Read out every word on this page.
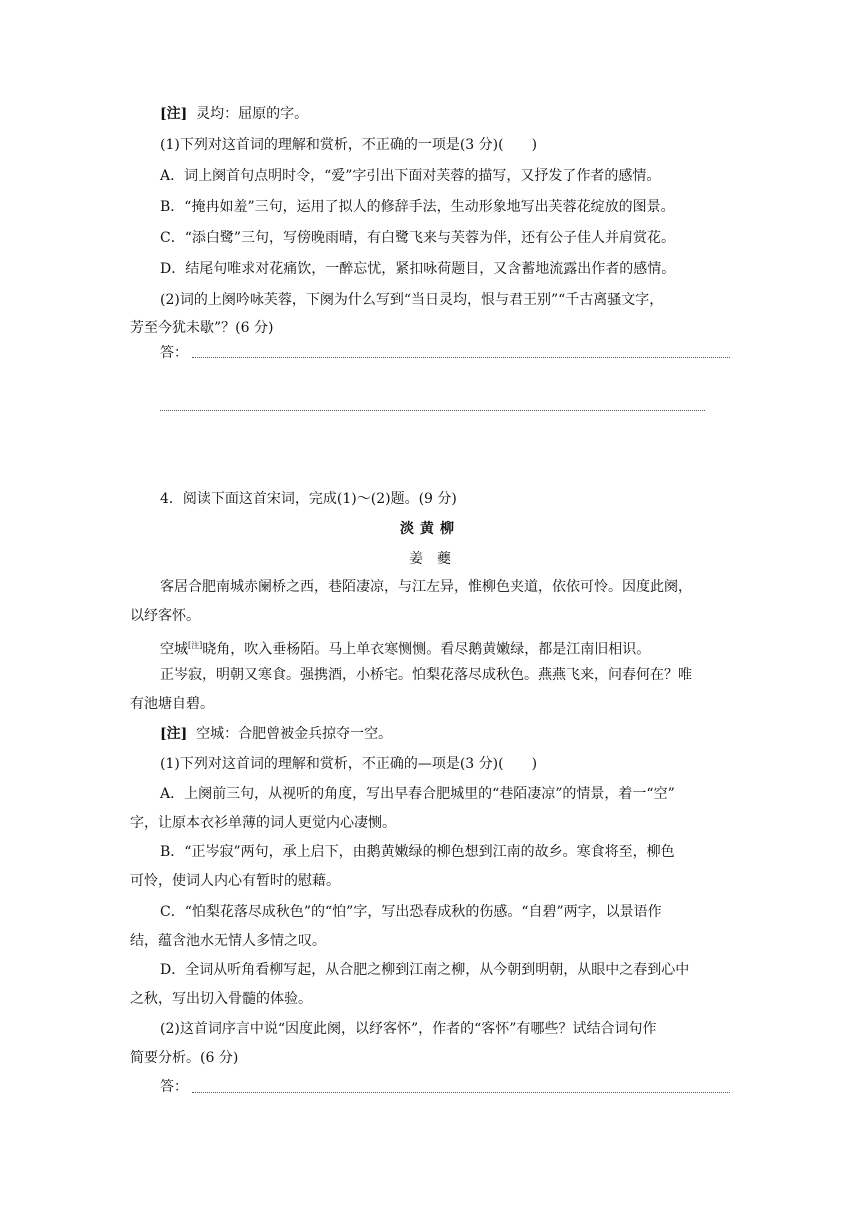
[注] 灵均：屈原的字。
(1)下列对这首词的理解和赏析，不正确的一项是(3 分)(　　)
A．词上阕首句点明时令，“爱”字引出下面对芙蓉的描写，又抒发了作者的感情。
B．“掩冉如羞”三句，运用了拟人的修辞手法，生动形象地写出芙蓉花绽放的图景。
C．“添白鹭”三句，写傍晚雨晴，有白鹭飞来与芙蓉为伴，还有公子佳人并肩赏花。
D．结尾句唯求对花痛饮，一醉忘忧，紧扣咏荷题目，又含蓄地流露出作者的感情。
(2)词的上阕吟咏芙蓉，下阕为什么写到“当日灵均，恨与君王别”“千古离骚文字，
芳至今犹未歇”？(6 分)
答：
4．阅读下面这首宋词，完成(1)～(2)题。(9 分)
淡黄柳
姜　夔
客居合肥南城赤阑桥之西，巷陌凄凉，与江左异，惟柳色夹道，依依可怜。因度此阕，
以纾客怀。
空城[注]晓角，吹入垂杨陌。马上单衣寒恻恻。看尽鹅黄嫩绿，都是江南旧相识。
正岑寂，明朝又寒食。强携酒，小桥宅。怕梨花落尽成秋色。燕燕飞来，问春何在？唯
有池塘自碧。
[注] 空城：合肥曾被金兵掠夺一空。
(1)下列对这首词的理解和赏析，不正确的—项是(3 分)(　　)
A．上阕前三句，从视听的角度，写出早春合肥城里的“巷陌凄凉”的情景，着一“空”
字，让原本衣衫单薄的词人更觉内心凄恻。
B．“正岑寂”两句，承上启下，由鹅黄嫩绿的柳色想到江南的故乡。寒食将至，柳色
可怜，使词人内心有暂时的慰藉。
C．“怕梨花落尽成秋色”的“怕”字，写出恐春成秋的伤感。“自碧”两字，以景语作
结，蕴含池水无情人多情之叹。
D．全词从听角看柳写起，从合肥之柳到江南之柳，从今朝到明朝，从眼中之春到心中
之秋，写出切入骨髓的体验。
(2)这首词序言中说“因度此阕，以纾客怀”，作者的“客怀”有哪些？试结合词句作
简要分析。(6 分)
答：
